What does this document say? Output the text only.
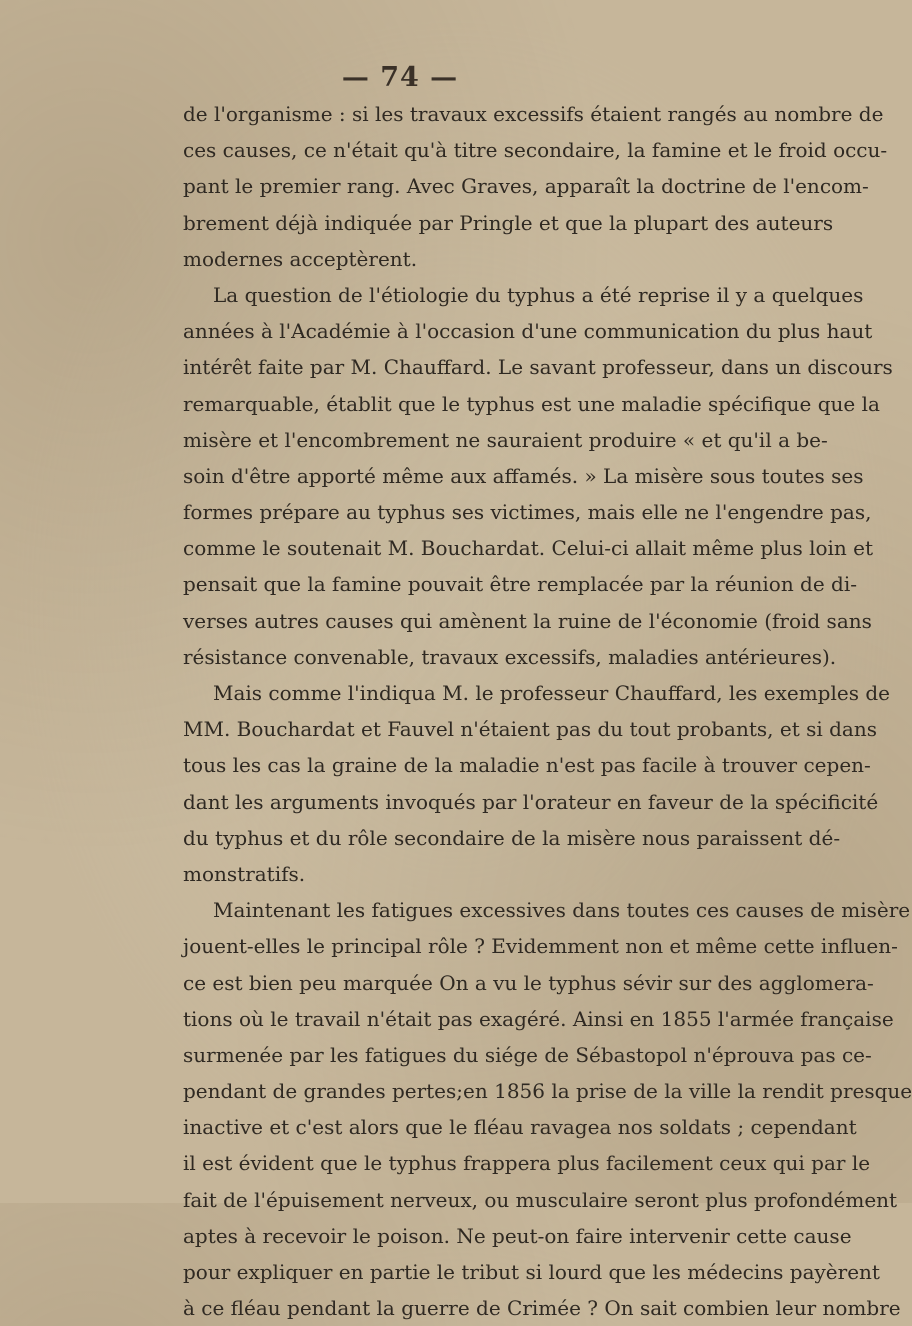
— 74 —
de l'organisme : si les travaux excessifs étaient rangés au nombre de
ces causes, ce n'était qu'à titre secondaire, la famine et le froid occu-
pant le premier rang. Avec Graves, apparaît la doctrine de l'encom-
brement déjà indiquée par Pringle et que la plupart des auteurs
modernes acceptèrent.
La question de l'étiologie du typhus a été reprise il y a quelques
années à l'Académie à l'occasion d'une communication du plus haut
intérêt faite par M. Chauffard. Le savant professeur, dans un discours
remarquable, établit que le typhus est une maladie spécifique que la
misère et l'encombrement ne sauraient produire « et qu'il a be-
soin d'être apporté même aux affamés. » La misère sous toutes ses
formes prépare au typhus ses victimes, mais elle ne l'engendre pas,
comme le soutenait M. Bouchardat. Celui-ci allait même plus loin et
pensait que la famine pouvait être remplacée par la réunion de di-
verses autres causes qui amènent la ruine de l'économie (froid sans
résistance convenable, travaux excessifs, maladies antérieures).
Mais comme l'indiqua M. le professeur Chauffard, les exemples de
MM. Bouchardat et Fauvel n'étaient pas du tout probants, et si dans
tous les cas la graine de la maladie n'est pas facile à trouver cepen-
dant les arguments invoqués par l'orateur en faveur de la spécificité
du typhus et du rôle secondaire de la misère nous paraissent dé-
monstratifs.
Maintenant les fatigues excessives dans toutes ces causes de misère
jouent-elles le principal rôle ? Evidemment non et même cette influen-
ce est bien peu marquée On a vu le typhus sévir sur des agglomera-
tions où le travail n'était pas exagéré. Ainsi en 1855 l'armée française
surmenée par les fatigues du siége de Sébastopol n'éprouva pas ce-
pendant de grandes pertes;en 1856 la prise de la ville la rendit presque
inactive et c'est alors que le fléau ravagea nos soldats ; cependant
il est évident que le typhus frappera plus facilement ceux qui par le
fait de l'épuisement nerveux, ou musculaire seront plus profondément
aptes à recevoir le poison. Ne peut-on faire intervenir cette cause
pour expliquer en partie le tribut si lourd que les médecins payèrent
à ce fléau pendant la guerre de Crimée ? On sait combien leur nombre
